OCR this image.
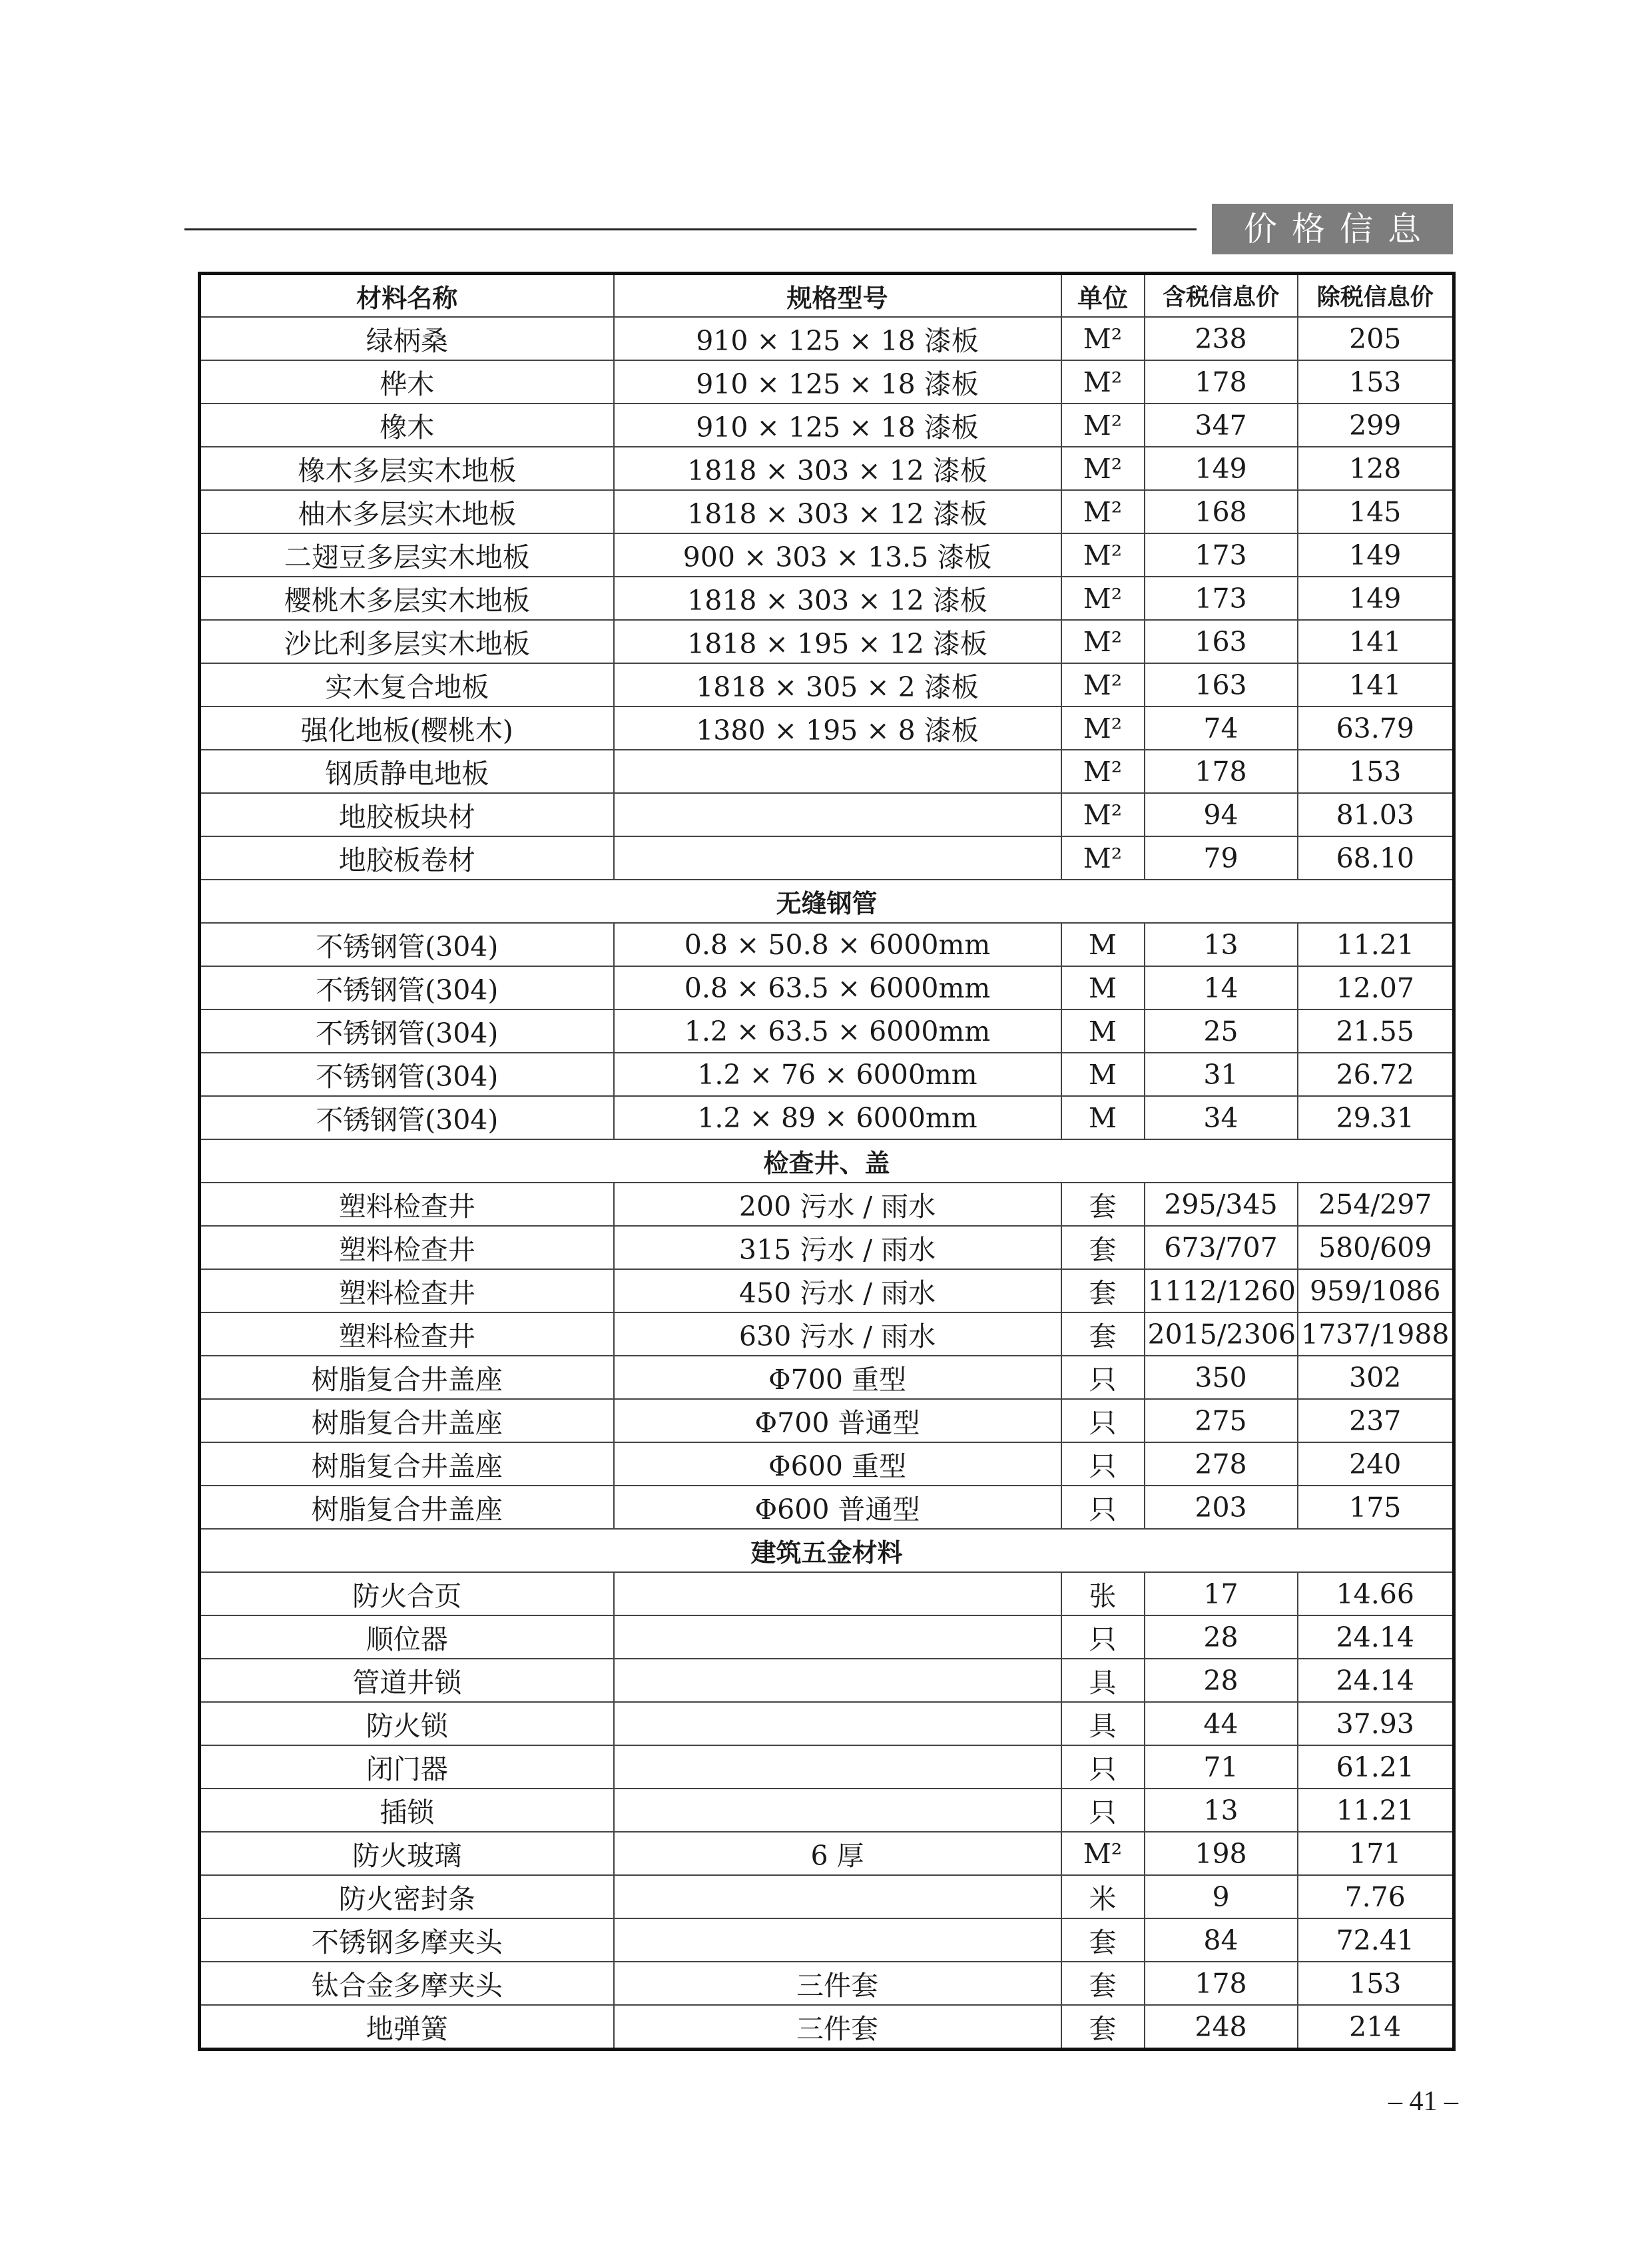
价格信息
材料名称	规格型号	单位	含税信息价	除税信息价
绿柄桑	910 × 125 × 18 漆板	M²	238	205
桦木	910 × 125 × 18 漆板	M²	178	153
橡木	910 × 125 × 18 漆板	M²	347	299
橡木多层实木地板	1818 × 303 × 12 漆板	M²	149	128
柚木多层实木地板	1818 × 303 × 12 漆板	M²	168	145
二翅豆多层实木地板	900 × 303 × 13.5 漆板	M²	173	149
樱桃木多层实木地板	1818 × 303 × 12 漆板	M²	173	149
沙比利多层实木地板	1818 × 195 × 12 漆板	M²	163	141
实木复合地板	1818 × 305 × 2 漆板	M²	163	141
强化地板(樱桃木)	1380 × 195 × 8 漆板	M²	74	63.79
钢质静电地板		M²	178	153
地胶板块材		M²	94	81.03
地胶板卷材		M²	79	68.10
无缝钢管				
不锈钢管(304)	0.8 × 50.8 × 6000mm	M	13	11.21
不锈钢管(304)	0.8 × 63.5 × 6000mm	M	14	12.07
不锈钢管(304)	1.2 × 63.5 × 6000mm	M	25	21.55
不锈钢管(304)	1.2 × 76 × 6000mm	M	31	26.72
不锈钢管(304)	1.2 × 89 × 6000mm	M	34	29.31
检查井、盖				
塑料检查井	200 污水 / 雨水	套	295/345	254/297
塑料检查井	315 污水 / 雨水	套	673/707	580/609
塑料检查井	450 污水 / 雨水	套	1112/1260	959/1086
塑料检查井	630 污水 / 雨水	套	2015/2306	1737/1988
树脂复合井盖座	Φ700 重型	只	350	302
树脂复合井盖座	Φ700 普通型	只	275	237
树脂复合井盖座	Φ600 重型	只	278	240
树脂复合井盖座	Φ600 普通型	只	203	175
建筑五金材料				
防火合页		张	17	14.66
顺位器		只	28	24.14
管道井锁		具	28	24.14
防火锁		具	44	37.93
闭门器		只	71	61.21
插锁		只	13	11.21
防火玻璃	6 厚	M²	198	171
防火密封条		米	9	7.76
不锈钢多摩夹头		套	84	72.41
钛合金多摩夹头	三件套	套	178	153
地弹簧	三件套	套	248	214
– 41 –
